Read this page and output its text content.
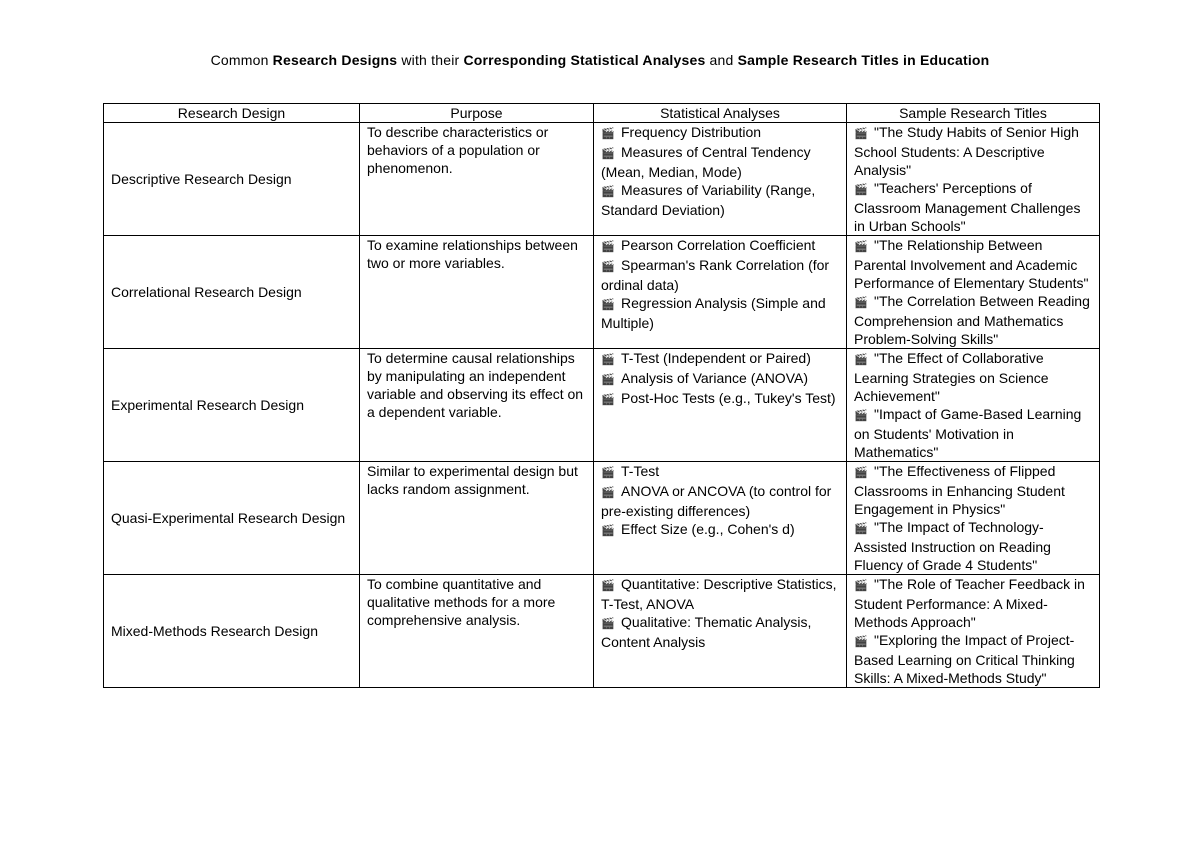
Common Research Designs with their Corresponding Statistical Analyses and Sample Research Titles in Education
Research Design	Purpose	Statistical Analyses	Sample Research Titles
Descriptive Research Design	To describe characteristics or behaviors of a population or phenomenon.	🎬 Frequency Distribution
🎬 Measures of Central Tendency (Mean, Median, Mode)
🎬 Measures of Variability (Range, Standard Deviation)	🎬 "The Study Habits of Senior High School Students: A Descriptive Analysis"
🎬 "Teachers' Perceptions of Classroom Management Challenges in Urban Schools"

Correlational Research Design	To examine relationships between two or more variables.	🎬 Pearson Correlation Coefficient
🎬 Spearman's Rank Correlation (for ordinal data)
🎬 Regression Analysis (Simple and Multiple)	🎬 "The Relationship Between Parental Involvement and Academic Performance of Elementary Students"
🎬 "The Correlation Between Reading Comprehension and Mathematics Problem-Solving Skills"

Experimental Research Design	To determine causal relationships by manipulating an independent variable and observing its effect on a dependent variable.	🎬 T-Test (Independent or Paired)
🎬 Analysis of Variance (ANOVA)
🎬 Post-Hoc Tests (e.g., Tukey's Test)	🎬 "The Effect of Collaborative Learning Strategies on Science Achievement"
🎬 "Impact of Game-Based Learning on Students' Motivation in Mathematics"

Quasi-Experimental Research Design	Similar to experimental design but lacks random assignment.	🎬 T-Test
🎬 ANOVA or ANCOVA (to control for pre-existing differences)
🎬 Effect Size (e.g., Cohen's d)	🎬 "The Effectiveness of Flipped Classrooms in Enhancing Student Engagement in Physics"
🎬 "The Impact of Technology-Assisted Instruction on Reading Fluency of Grade 4 Students"

Mixed-Methods Research Design	To combine quantitative and qualitative methods for a more comprehensive analysis.	🎬 Quantitative: Descriptive Statistics, T-Test, ANOVA
🎬 Qualitative: Thematic Analysis, Content Analysis	🎬 "The Role of Teacher Feedback in Student Performance: A Mixed-Methods Approach"
🎬 "Exploring the Impact of Project-Based Learning on Critical Thinking Skills: A Mixed-Methods Study"
